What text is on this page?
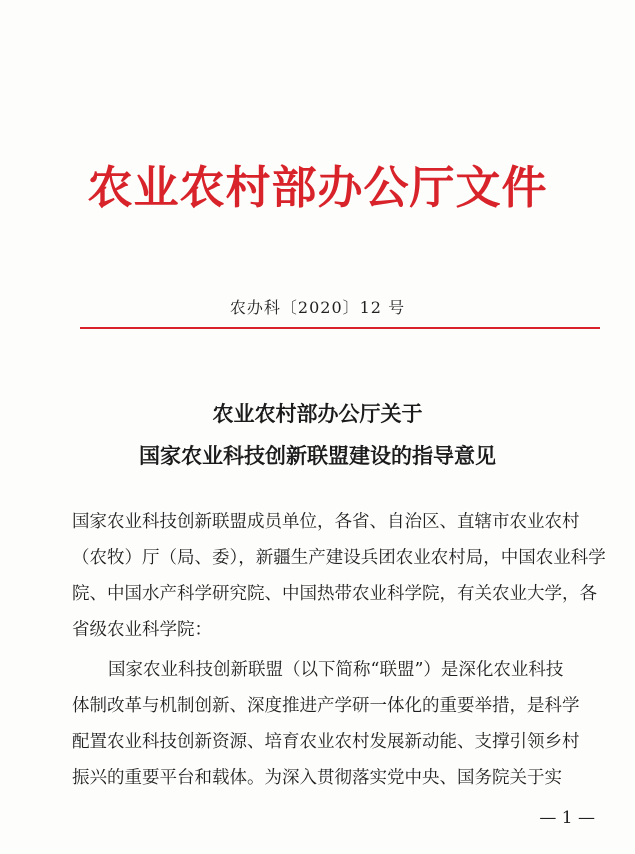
农业农村部办公厅文件
农办科〔2020〕12 号
农业农村部办公厅关于
国家农业科技创新联盟建设的指导意见
国家农业科技创新联盟成员单位，各省、自治区、直辖市农业农村
（农牧）厅（局、委），新疆生产建设兵团农业农村局，中国农业科学
院、中国水产科学研究院、中国热带农业科学院，有关农业大学，各
省级农业科学院：
国家农业科技创新联盟（以下简称“联盟”）是深化农业科技
体制改革与机制创新、深度推进产学研一体化的重要举措，是科学
配置农业科技创新资源、培育农业农村发展新动能、支撑引领乡村
振兴的重要平台和载体。为深入贯彻落实党中央、国务院关于实
— 1 —
